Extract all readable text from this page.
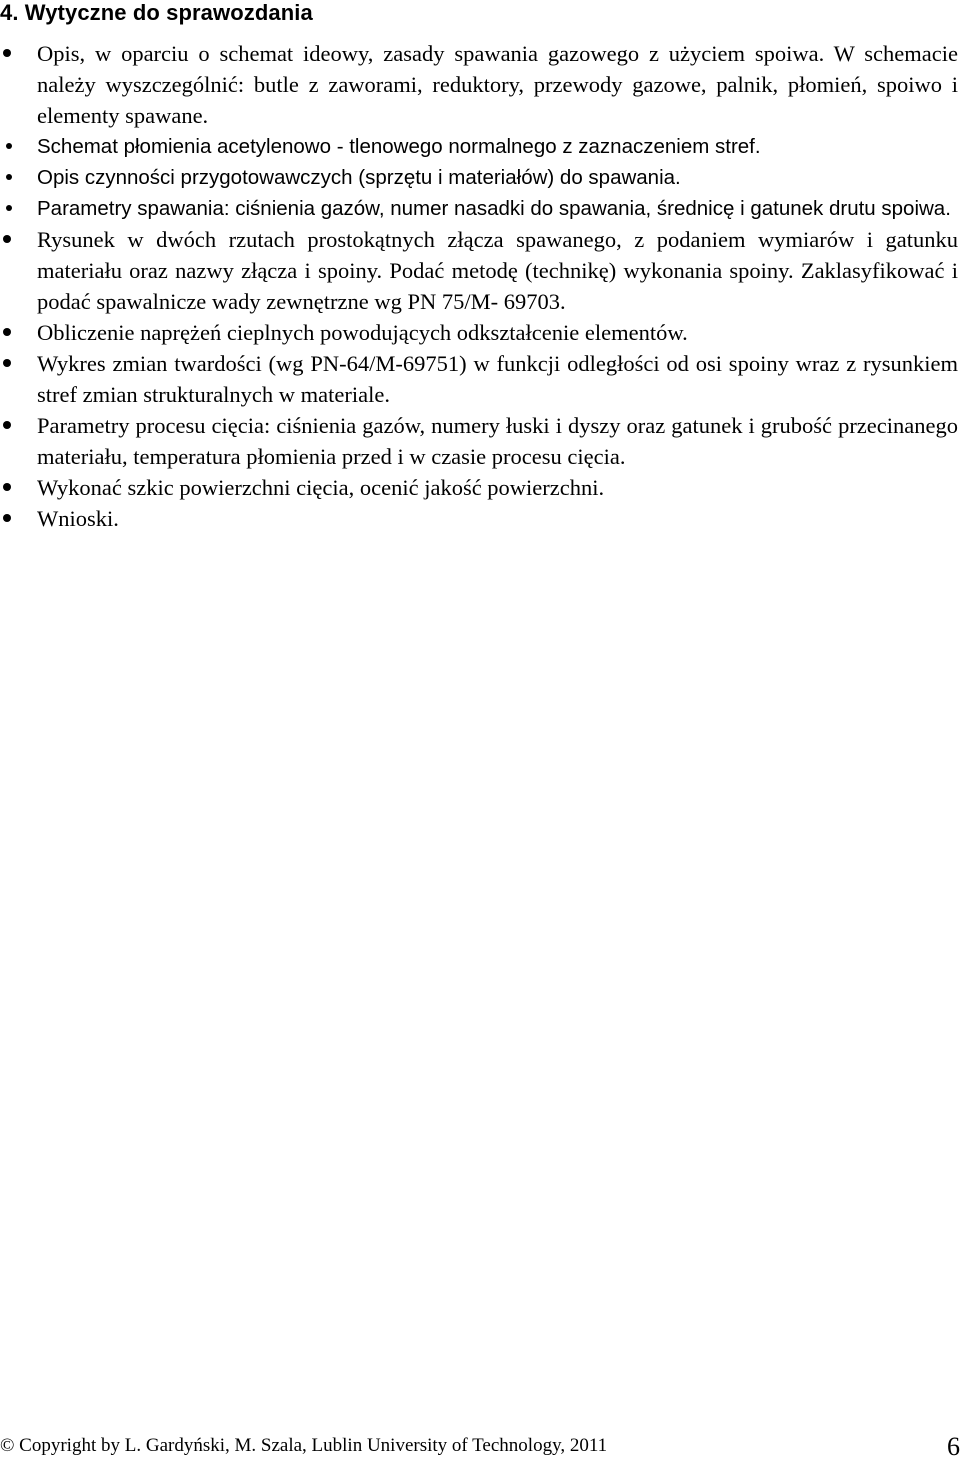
4. Wytyczne do sprawozdania
Opis, w oparciu o schemat ideowy, zasady spawania gazowego z użyciem spoiwa. W schemacie należy wyszczególnić: butle z zaworami, reduktory, przewody gazowe, palnik, płomień, spoiwo i elementy spawane.
Schemat płomienia acetylenowo - tlenowego normalnego z zaznaczeniem stref.
Opis czynności przygotowawczych (sprzętu i materiałów) do spawania.
Parametry spawania: ciśnienia gazów, numer nasadki do spawania, średnicę i gatunek drutu spoiwa.
Rysunek w dwóch rzutach prostokątnych złącza spawanego, z podaniem wymiarów i gatunku materiału oraz nazwy złącza i spoiny. Podać metodę (technikę) wykonania spoiny. Zaklasyfikować i podać spawalnicze wady zewnętrzne wg PN 75/M- 69703.
Obliczenie naprężeń cieplnych powodujących odkształcenie elementów.
Wykres zmian twardości (wg PN-64/M-69751) w funkcji odległości od osi spoiny wraz z rysunkiem stref zmian strukturalnych w materiale.
Parametry procesu cięcia: ciśnienia gazów, numery łuski i dyszy oraz gatunek i grubość przecinanego materiału, temperatura płomienia przed i w czasie procesu cięcia.
Wykonać szkic powierzchni cięcia, ocenić jakość powierzchni.
Wnioski.
© Copyright by L. Gardyński, M. Szala, Lublin University of Technology, 2011	6
